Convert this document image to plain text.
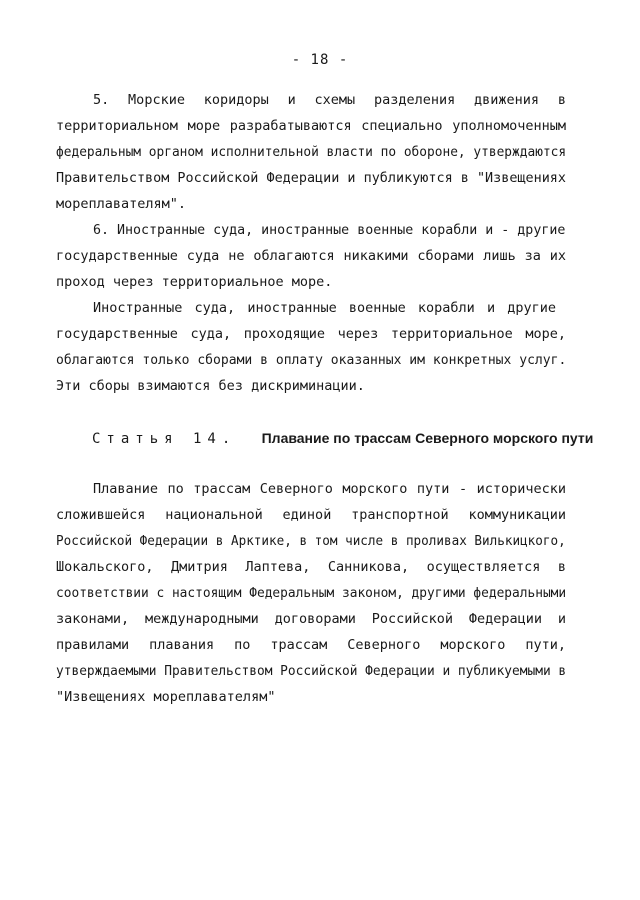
- 18 -
5. Морские коридоры и схемы разделения движения в
территориальном море разрабатываются специально уполномоченным
федеральным органом исполнительной власти по обороне, утверждаются
Правительством Российской Федерации и публикуются в "Извещениях
мореплавателям".
6. Иностранные суда, иностранные военные корабли и - другие
государственные суда не облагаются никакими сборами лишь за их
проход через территориальное море.
Иностранные суда, иностранные военные корабли и другие
государственные суда, проходящие через территориальное море,
облагаются только сборами в оплату оказанных им конкретных услуг.
Эти сборы взимаются без дискриминации.
Статья 14. Плавание по трассам Северного морского пути
Плавание по трассам Северного морского пути - исторически
сложившейся национальной единой транспортной коммуникации
Российской Федерации в Арктике, в том числе в проливах Вилькицкого,
Шокальского, Дмитрия Лаптева, Санникова, осуществляется в
соответствии с настоящим Федеральным законом, другими федеральными
законами, международными договорами Российской Федерации и
правилами плавания по трассам Северного морского пути,
утверждаемыми Правительством Российской Федерации и публикуемыми в
"Извещениях мореплавателям"
